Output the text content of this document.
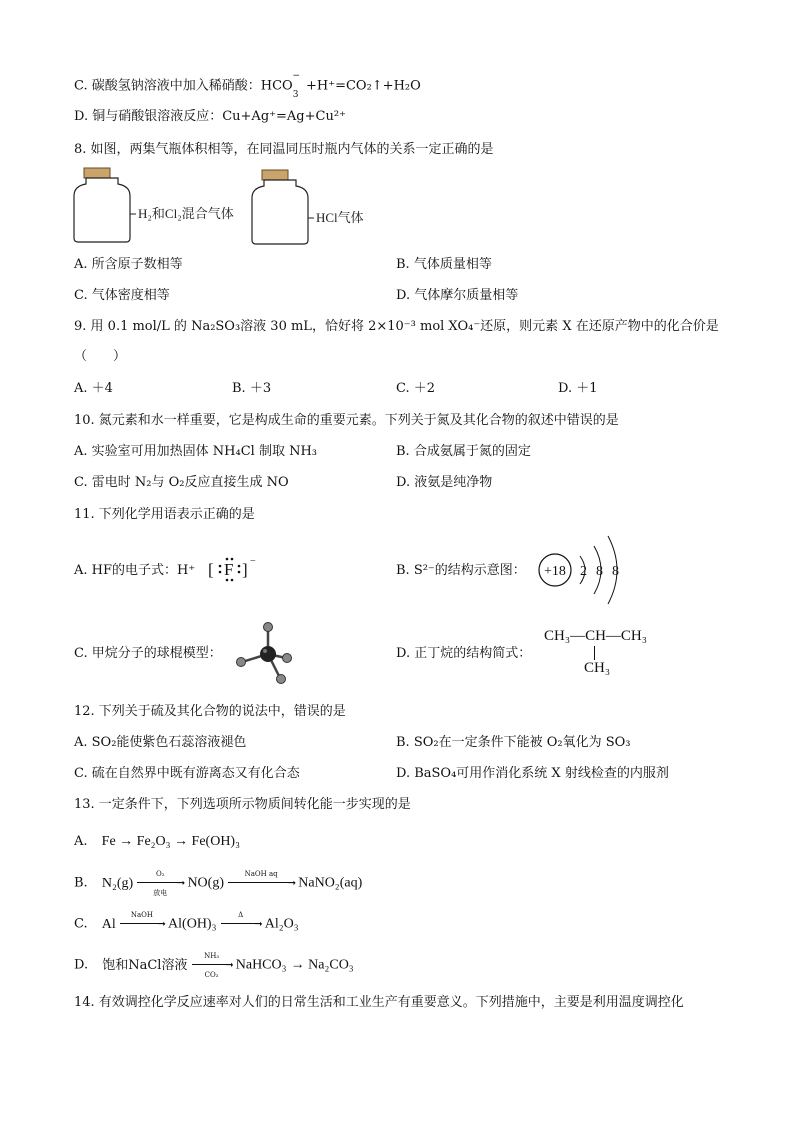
C. 碳酸氢钠溶液中加入稀硝酸：$HCO_3^-+H^+=CO_2↑+H_2O$
D. 铜与硝酸银溶液反应：Cu+Ag⁺=Ag+Cu²⁺
8. 如图，两集气瓶体积相等，在同温同压时瓶内气体的关系一定正确的是
H₂和Cl₂混合气体	HCl气体
A. 所含原子数相等	B. 气体质量相等
C. 气体密度相等	D. 气体摩尔质量相等
9. 用 0.1 mol/L 的 Na₂SO₃溶液 30 mL，恰好将 2×10⁻³ mol XO₄⁻还原，则元素 X 在还原产物中的化合价是
（　　）
A. ＋4	B. ＋3	C. ＋2	D. ＋1
10. 氮元素和水一样重要，它是构成生命的重要元素。下列关于氮及其化合物的叙述中错误的是
A. 实验室可用加热固体 NH₄Cl 制取 NH₃	B. 合成氨属于氮的固定
C. 雷电时 N₂与 O₂反应直接生成 NO	D. 液氨是纯净物
11. 下列化学用语表示正确的是
A. HF的电子式：H⁺ [ F ] −
B. S²⁻的结构示意图： +18 2 8 8
C. 甲烷分子的球棍模型：	D. 正丁烷的结构简式：
CH₃—CH—CH₃
CH₃
12. 下列关于硫及其化合物的说法中，错误的是
A. SO₂能使紫色石蕊溶液褪色	B. SO₂在一定条件下能被 O₂氧化为 SO₃
C. 硫在自然界中既有游离态又有化合态	D. BaSO₄可用作消化系统 X 射线检查的内服剂
13. 一定条件下，下列选项所示物质间转化能一步实现的是
A. Fe → Fe₂O₃ → Fe(OH)₃
B. N₂(g)
O₂
➝
放电
NO(g)
NaOH aq
➝ NaNO₂(aq)
C. Al
NaOH
➝ Al(OH)₃
Δ
➝ Al₂O₃
D. 饱和NaCl溶液
NH₃
➝
CO₂
NaHCO₃ → Na₂CO₃
14. 有效调控化学反应速率对人们的日常生活和工业生产有重要意义。下列措施中，主要是利用温度调控化
